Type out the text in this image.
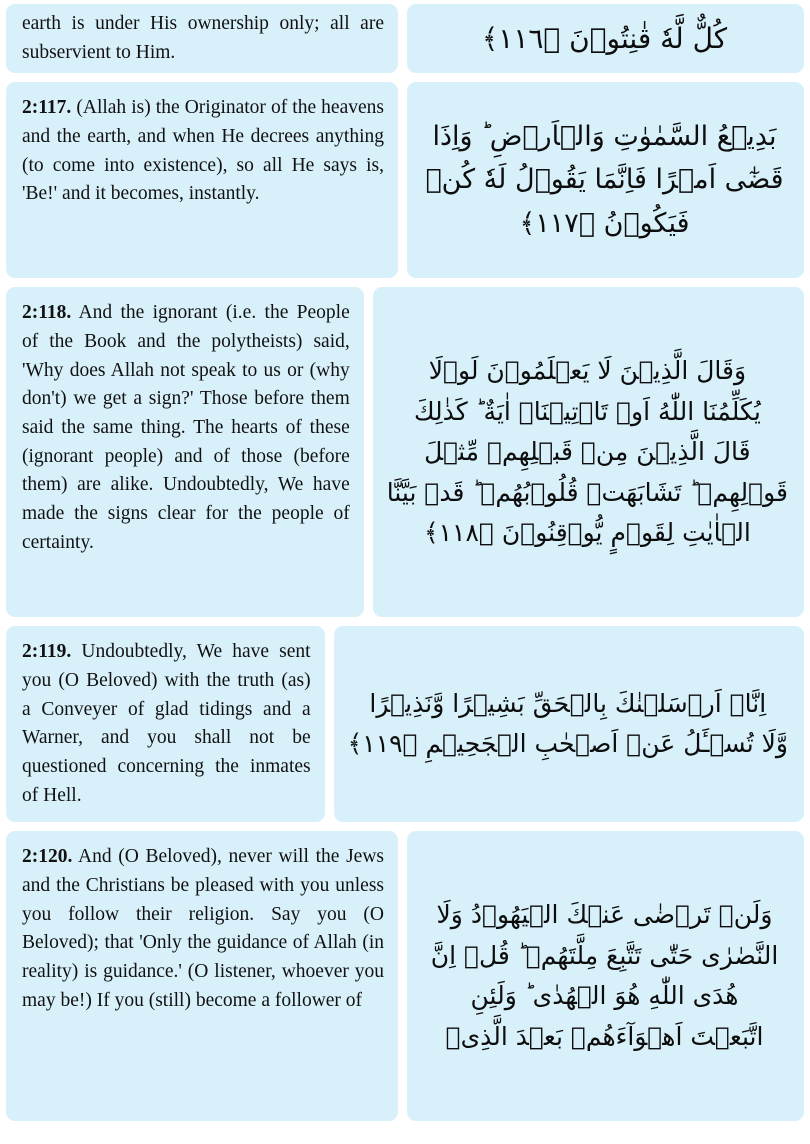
earth is under His ownership only; all are subservient to Him.	كُلٌّ لَّهٗ قٰنِتُوۡنَ ﴿١١٦﴾
2:117. (Allah is) the Originator of the heavens and the earth, and when He decrees anything (to come into existence), so all He says is, 'Be!' and it becomes, instantly.
بَدِيۡعُ السَّمٰوٰتِ وَالۡاَرۡضِ ؕ وَاِذَا
قَضٰٓى اَمۡرًا فَاِنَّمَا يَقُوۡلُ لَهٗ كُنۡ
فَيَكُوۡنُ ﴿١١٧﴾
2:118. And the ignorant (i.e. the People of the Book and the polytheists) said, 'Why does Allah not speak to us or (why don't) we get a sign?' Those before them said the same thing. The hearts of these (ignorant people) and of those (before them) are alike. Undoubtedly, We have made the signs clear for the people of certainty.
وَقَالَ الَّذِيۡنَ لَا يَعۡلَمُوۡنَ لَوۡلَا
يُكَلِّمُنَا اللّٰهُ اَوۡ تَاۡتِيۡنَاۤ اٰيَةٌ ؕ كَذٰلِكَ
قَالَ الَّذِيۡنَ مِنۡ قَبۡلِهِمۡ مِّثۡلَ
قَوۡلِهِمۡ ؕ تَشَابَهَتۡ قُلُوۡبُهُمۡ ؕ قَدۡ بَيَّنَّا
الۡاٰيٰتِ لِقَوۡمٍ يُّوۡقِنُوۡنَ ﴿١١٨﴾
2:119. Undoubtedly, We have sent you (O Beloved) with the truth (as) a Conveyer of glad tidings and a Warner, and you shall not be questioned concerning the inmates of Hell.
اِنَّاۤ اَرۡسَلۡنٰكَ بِالۡحَقِّ بَشِيۡرًا وَّنَذِيۡرًا
وَّلَا تُسۡـَٔلُ عَنۡ اَصۡحٰبِ الۡجَحِيۡمِ ﴿١١٩﴾
2:120. And (O Beloved), never will the Jews and the Christians be pleased with you unless you follow their religion. Say you (O Beloved); that 'Only the guidance of Allah (in reality) is guidance.' (O listener, whoever you may be!) If you (still) become a follower of
وَلَنۡ تَرۡضٰى عَنۡكَ الۡيَهُوۡدُ وَلَا
النَّصٰرٰى حَتّٰى تَتَّبِعَ مِلَّتَهُمۡ ؕ قُلۡ اِنَّ
هُدَى اللّٰهِ هُوَ الۡهُدٰى ؕ وَلَئِنِ
اتَّبَعۡتَ اَهۡوَآءَهُمۡ بَعۡدَ الَّذِىۡ
